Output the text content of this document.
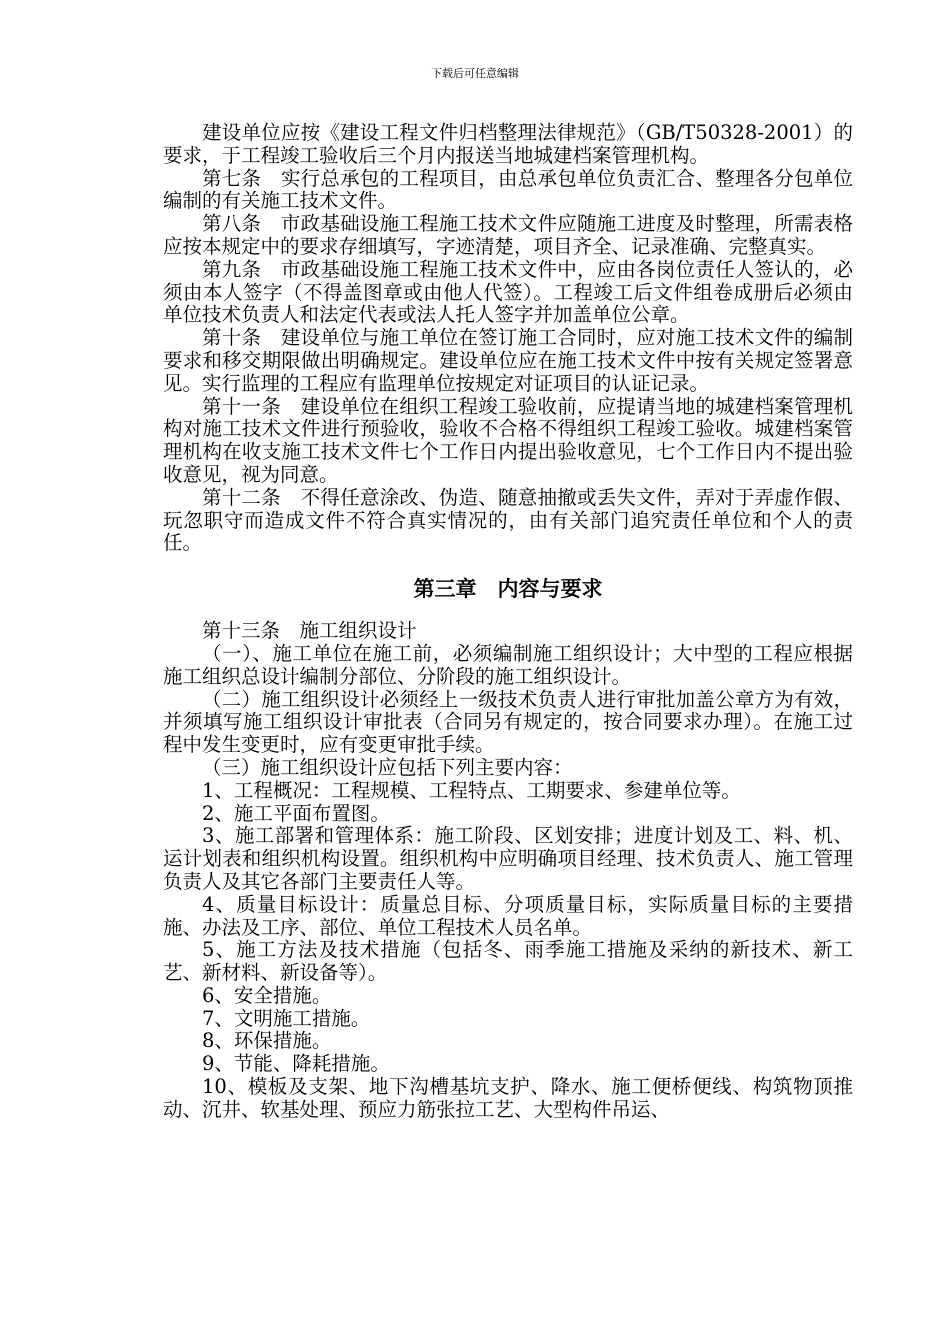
下载后可任意编辑

建设单位应按《建设工程文件归档整理法律规范》（GB/T50328-2001）的要求，于工程竣工验收后三个月内报送当地城建档案管理机构。

第七条　实行总承包的工程项目，由总承包单位负责汇合、整理各分包单位编制的有关施工技术文件。

第八条　市政基础设施工程施工技术文件应随施工进度及时整理，所需表格应按本规定中的要求存细填写，字迹清楚，项目齐全、记录准确、完整真实。

第九条　市政基础设施工程施工技术文件中，应由各岗位责任人签认的，必须由本人签字（不得盖图章或由他人代签）。工程竣工后文件组卷成册后必须由单位技术负责人和法定代表或法人托人签字并加盖单位公章。

第十条　建设单位与施工单位在签订施工合同时，应对施工技术文件的编制要求和移交期限做出明确规定。建设单位应在施工技术文件中按有关规定签署意见。实行监理的工程应有监理单位按规定对证项目的认证记录。

第十一条　建设单位在组织工程竣工验收前，应提请当地的城建档案管理机构对施工技术文件进行预验收，验收不合格不得组织工程竣工验收。城建档案管理机构在收支施工技术文件七个工作日内提出验收意见，七个工作日内不提出验收意见，视为同意。

第十二条　不得任意涂改、伪造、随意抽撤或丢失文件，弄对于弄虚作假、玩忽职守而造成文件不符合真实情况的，由有关部门追究责任单位和个人的责任。

第三章　内容与要求

第十三条　施工组织设计

（一）、施工单位在施工前，必须编制施工组织设计；大中型的工程应根据施工组织总设计编制分部位、分阶段的施工组织设计。

（二）施工组织设计必须经上一级技术负责人进行审批加盖公章方为有效，并须填写施工组织设计审批表（合同另有规定的，按合同要求办理）。在施工过程中发生变更时，应有变更审批手续。

（三）施工组织设计应包括下列主要内容：

1、工程概况：工程规模、工程特点、工期要求、参建单位等。

2、施工平面布置图。

3、施工部署和管理体系：施工阶段、区划安排；进度计划及工、料、机、运计划表和组织机构设置。组织机构中应明确项目经理、技术负责人、施工管理负责人及其它各部门主要责任人等。

4、质量目标设计：质量总目标、分项质量目标，实际质量目标的主要措施、办法及工序、部位、单位工程技术人员名单。

5、施工方法及技术措施（包括冬、雨季施工措施及采纳的新技术、新工艺、新材料、新设备等）。

6、安全措施。

7、文明施工措施。

8、环保措施。

9、节能、降耗措施。

10、模板及支架、地下沟槽基坑支护、降水、施工便桥便线、构筑物顶推动、沉井、软基处理、预应力筋张拉工艺、大型构件吊运、
